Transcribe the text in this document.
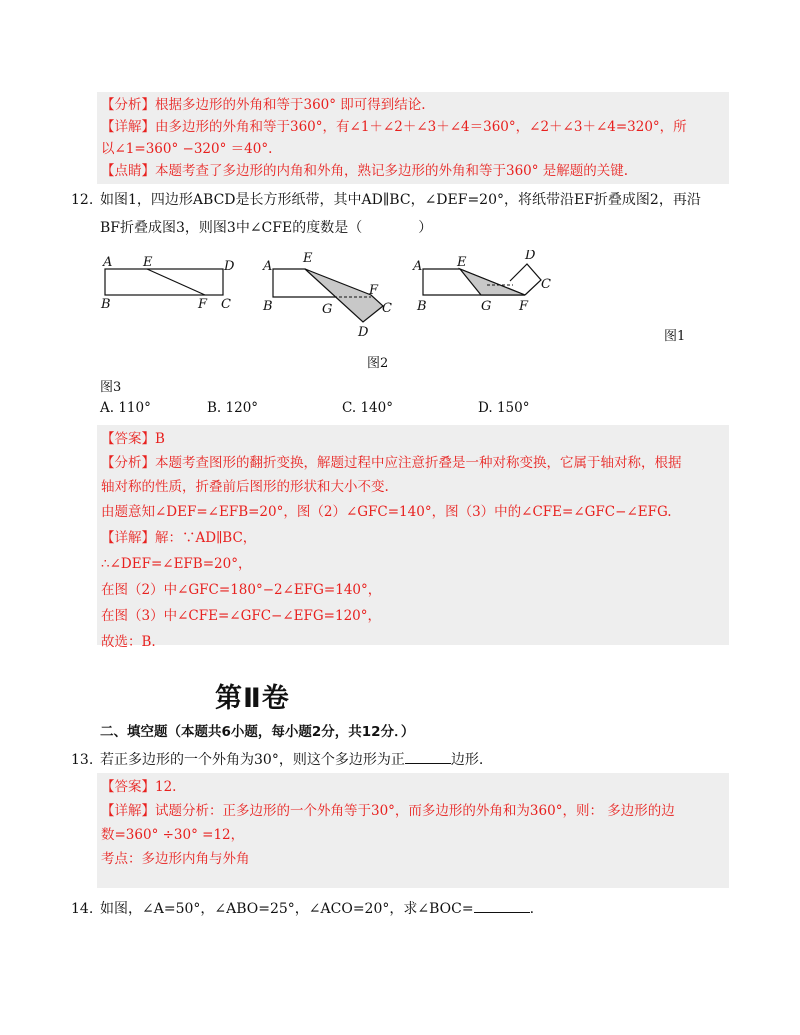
【分析】根据多边形的外角和等于360° 即可得到结论.
【详解】由多边形的外角和等于360°，有∠1＋∠2＋∠3＋∠4＝360°，∠2＋∠3＋∠4=320°，所
以∠1=360° −320° ＝40°.
【点睛】本题考查了多边形的内角和外角，熟记多边形的外角和等于360° 是解题的关键.
12. 如图1，四边形ABCD是长方形纸带，其中AD∥BC，∠DEF=20°，将纸带沿EF折叠成图2，再沿
BF折叠成图3，则图3中∠CFE的度数是（　　　　）
A E	D
B	F C
A
E
F
C
B	G
D
A	E	D
C
B	G F
图1
图2
图3
A. 110°	B. 120°	C. 140°	D. 150°
【答案】B
【分析】本题考查图形的翻折变换，解题过程中应注意折叠是一种对称变换，它属于轴对称，根据
轴对称的性质，折叠前后图形的形状和大小不变.
由题意知∠DEF=∠EFB=20°，图（2）∠GFC=140°，图（3）中的∠CFE=∠GFC−∠EFG.
【详解】解：∵AD∥BC，
∴∠DEF=∠EFB=20°，
在图（2）中∠GFC=180°−2∠EFG=140°，
在图（3）中∠CFE=∠GFC−∠EFG=120°，
故选：B.
第Ⅱ卷
二、填空题（本题共6小题，每小题2分，共12分．）
13. 若正多边形的一个外角为30°，则这个多边形为正	边形.
【答案】12.
【详解】试题分析：正多边形的一个外角等于30°，而多边形的外角和为360°，则： 多边形的边
数=360° ÷30° =12，
考点：多边形内角与外角
14. 如图，∠A=50°，∠ABO=25°，∠ACO=20°，求∠BOC=	.
